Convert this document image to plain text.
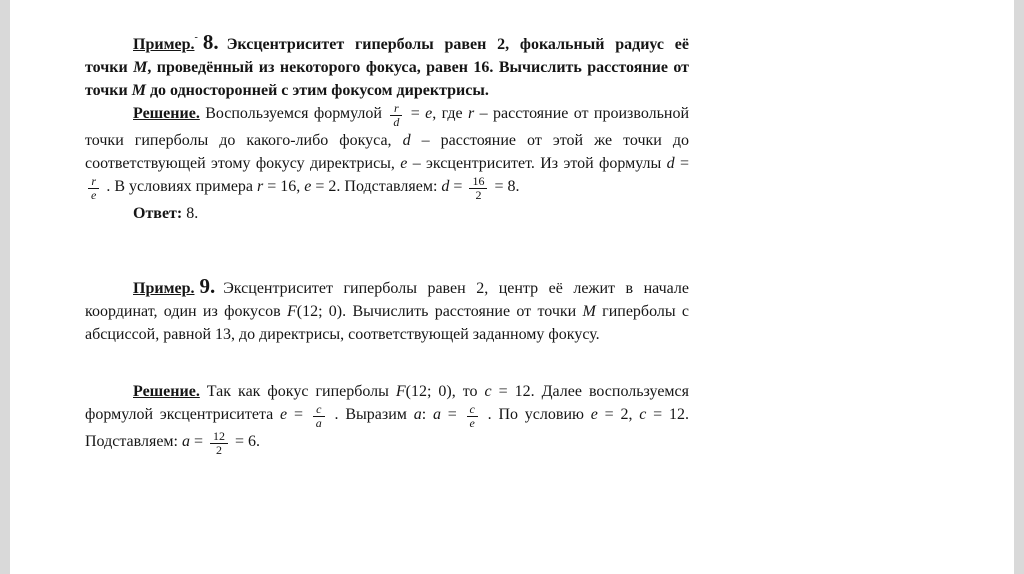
Пример.- 8. Эксцентриситет гиперболы равен 2, фокальный радиус её точки M, проведённый из некоторого фокуса, равен 16. Вычислить расстояние от точки M до односторонней с этим фокусом директрисы.

Решение. Воспользуемся формулой $\frac{r}{d} = e$, где r – расстояние от произвольной точки гиперболы до какого-либо фокуса, d – расстояние от этой же точки до соответствующей этому фокусу директрисы, e – эксцентриситет. Из этой формулы d =
$\frac{r}{e}$ . В условиях примера r = 16, e = 2. Подставляем: $d = \frac{16}{2} = 8$.

Ответ: 8.

Пример. 9. Эксцентриситет гиперболы равен 2, центр её лежит в начале координат, один из фокусов F(12; 0). Вычислить расстояние от точки M гиперболы с абсциссой, равной 13, до директрисы, соответствующей заданному фокусу.

Решение. Так как фокус гиперболы F(12; 0), то c = 12. Далее воспользуемся формулой эксцентриситета $e = \frac{c}{a}$ . Выразим a: $a = \frac{c}{e}$ . По условию e = 2, c = 12. Подставляем: $a = \frac{12}{2} = 6$.
